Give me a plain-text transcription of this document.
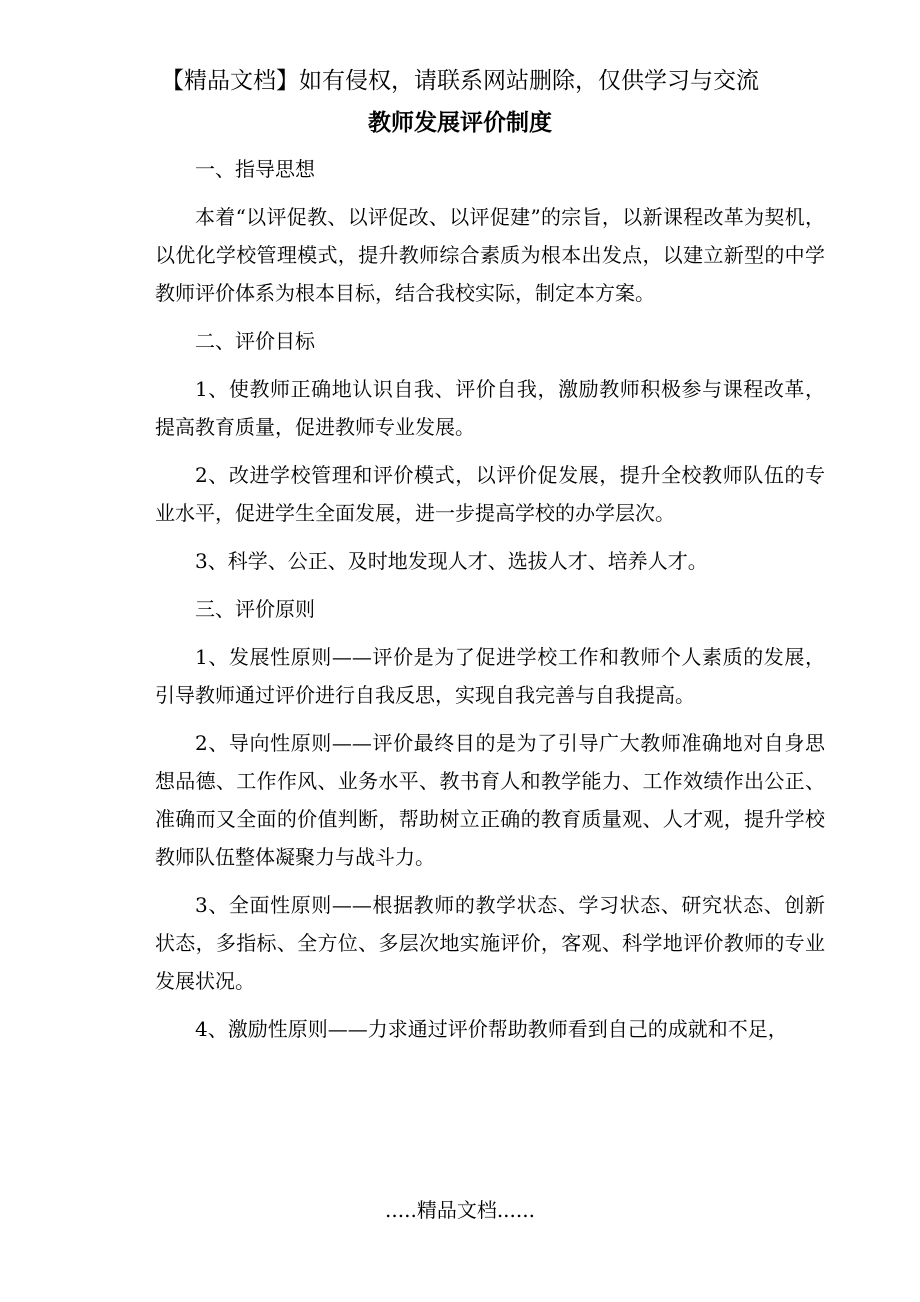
【精品文档】如有侵权，请联系网站删除，仅供学习与交流
教师发展评价制度
一、指导思想
本着“以评促教、以评促改、以评促建”的宗旨，以新课程改革为契机，以优化学校管理模式，提升教师综合素质为根本出发点，以建立新型的中学教师评价体系为根本目标，结合我校实际，制定本方案。
二、评价目标
1、使教师正确地认识自我、评价自我，激励教师积极参与课程改革，提高教育质量，促进教师专业发展。
2、改进学校管理和评价模式，以评价促发展，提升全校教师队伍的专业水平，促进学生全面发展，进一步提高学校的办学层次。
3、科学、公正、及时地发现人才、选拔人才、培养人才。
三、评价原则
1、发展性原则——评价是为了促进学校工作和教师个人素质的发展，引导教师通过评价进行自我反思，实现自我完善与自我提高。
2、导向性原则——评价最终目的是为了引导广大教师准确地对自身思想品德、工作作风、业务水平、教书育人和教学能力、工作效绩作出公正、准确而又全面的价值判断，帮助树立正确的教育质量观、人才观，提升学校教师队伍整体凝聚力与战斗力。
3、全面性原则——根据教师的教学状态、学习状态、研究状态、创新状态，多指标、全方位、多层次地实施评价，客观、科学地评价教师的专业发展状况。
4、激励性原则——力求通过评价帮助教师看到自己的成就和不足，
.....精品文档......
